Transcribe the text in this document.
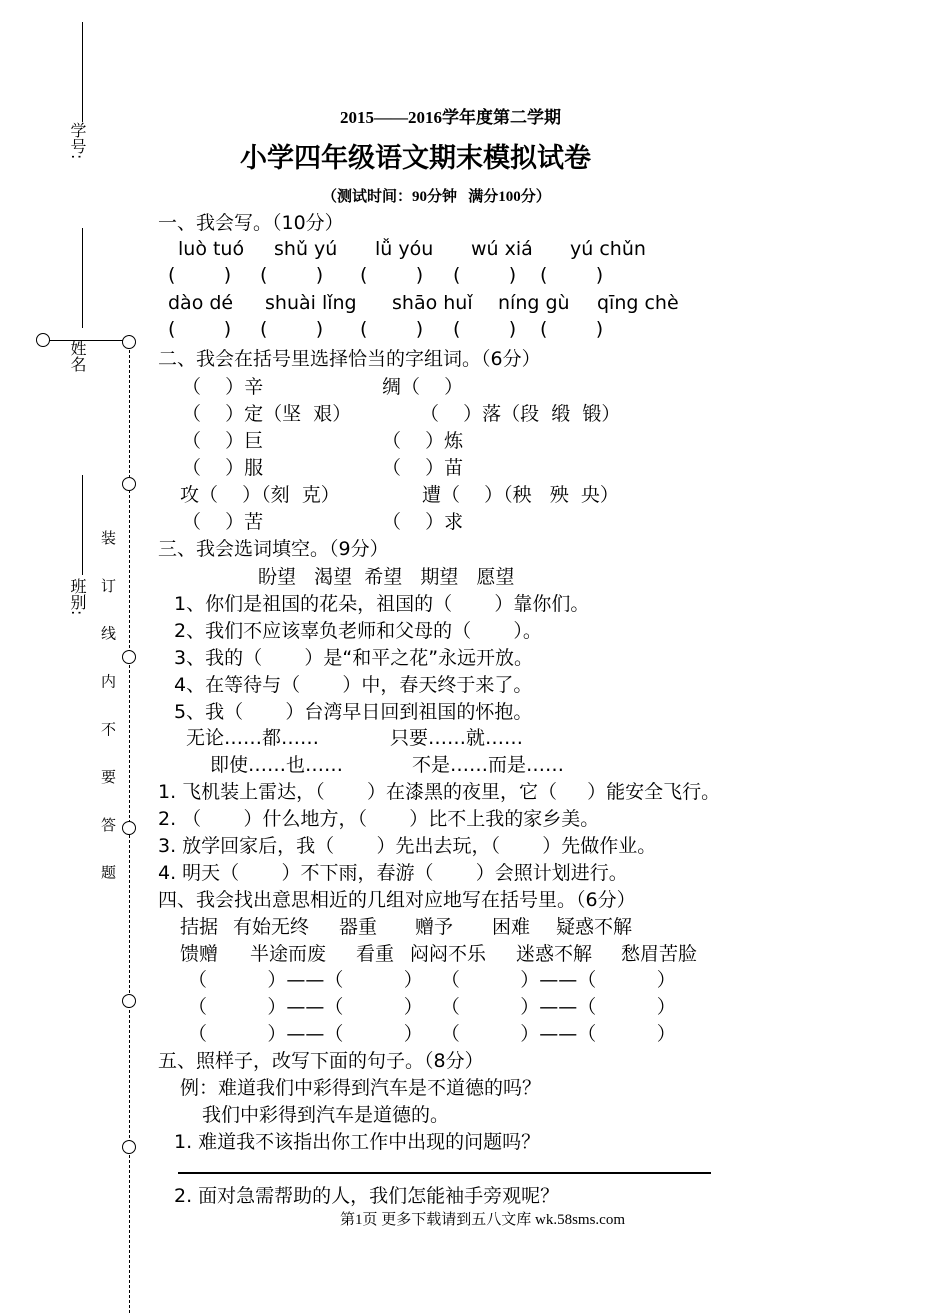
学号:
姓名
班别: 装 订 线 内 不 要 答 题
2015——2016学年度第二学期
小学四年级语文期末模拟试卷
（测试时间：90分钟   满分100分）
一、我会写。（10分）
luò tuó shǔ yú lǚ yóu wú xiá yú chǔn
(        ) (        ) (        ) (        ) (        )
dào dé shuài lǐng shāo huǐ níng gù qīng chè
(        ) (        ) (        ) (        ) (        )
二、我会在括号里选择恰当的字组词。（6分）
（    ）辛	绸（    ）
（    ）定（坚  艰）	（    ）落（段  缎  锻）
（    ）巨	（    ）炼
（    ）服	（    ）苗
攻（    ）（刻  克）	遭（    ）（秧   殃  央）
（    ）苦	（    ）求
三、我会选词填空。（9分）
盼望   渴望  希望   期望   愿望
1、你们是祖国的花朵，祖国的（       ）靠你们。
2、我们不应该辜负老师和父母的（       ）。
3、我的（       ）是“和平之花”永远开放。
4、在等待与（       ）中，春天终于来了。
5、我（       ）台湾早日回到祖国的怀抱。
无论……都……	只要……就……
即使……也……	不是……而是……
1. 飞机装上雷达，（       ）在漆黑的夜里，它（     ）能安全飞行。
2. （       ）什么地方，（       ）比不上我的家乡美。
3. 放学回家后，我（       ）先出去玩，（       ）先做作业。
4. 明天（       ）不下雨，春游（       ）会照计划进行。
四、我会找出意思相近的几组对应地写在括号里。（6分）
拮据 有始无终 器重 赠予 困难 疑惑不解
馈赠 半途而废 看重 闷闷不乐 迷惑不解 愁眉苦脸
（          ）——（          ）   （          ）——（          ）
（          ）——（          ）   （          ）——（          ）
（          ）——（          ）   （          ）——（          ）
五、照样子，改写下面的句子。（8分）
例：难道我们中彩得到汽车是不道德的吗？
我们中彩得到汽车是道德的。
1. 难道我不该指出你工作中出现的问题吗？
2. 面对急需帮助的人，我们怎能袖手旁观呢？
第1页 更多下载请到五八文库 wk.58sms.com
